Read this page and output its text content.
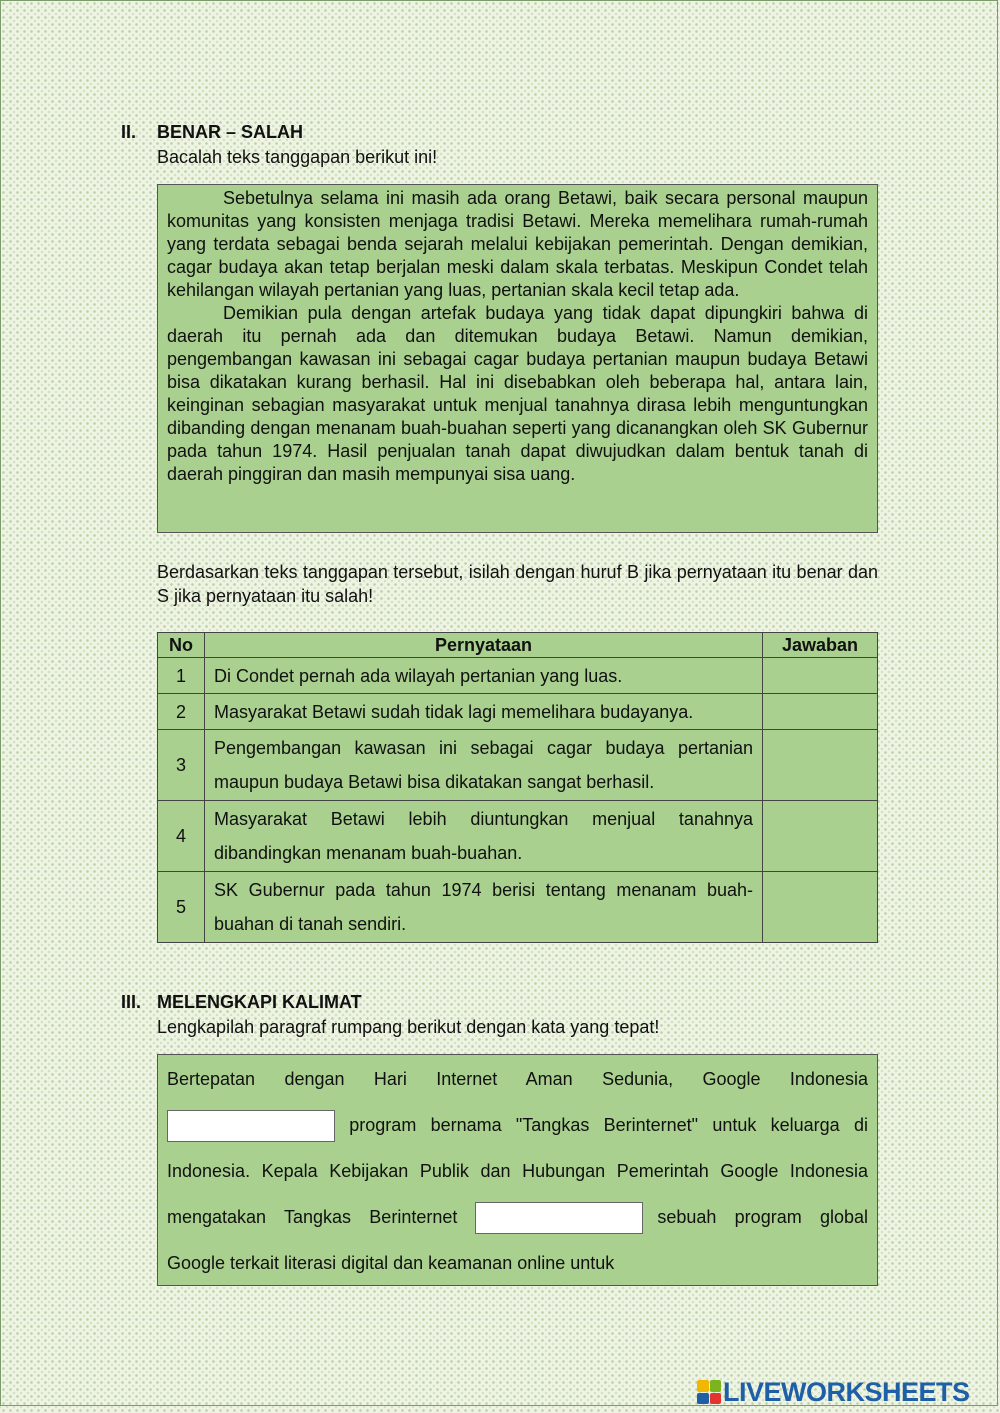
II. BENAR – SALAH
Bacalah teks tanggapan berikut ini!

Sebetulnya selama ini masih ada orang Betawi, baik secara personal maupun komunitas yang konsisten menjaga tradisi Betawi. Mereka memelihara rumah-rumah yang terdata sebagai benda sejarah melalui kebijakan pemerintah. Dengan demikian, cagar budaya akan tetap berjalan meski dalam skala terbatas. Meskipun Condet telah kehilangan wilayah pertanian yang luas, pertanian skala kecil tetap ada.

Demikian pula dengan artefak budaya yang tidak dapat dipungkiri bahwa di daerah itu pernah ada dan ditemukan budaya Betawi. Namun demikian, pengembangan kawasan ini sebagai cagar budaya pertanian maupun budaya Betawi bisa dikatakan kurang berhasil. Hal ini disebabkan oleh beberapa hal, antara lain, keinginan sebagian masyarakat untuk menjual tanahnya dirasa lebih menguntungkan dibanding dengan menanam buah-buahan seperti yang dicanangkan oleh SK Gubernur pada tahun 1974. Hasil penjualan tanah dapat diwujudkan dalam bentuk tanah di daerah pinggiran dan masih mempunyai sisa uang.

Berdasarkan teks tanggapan tersebut, isilah dengan huruf B jika pernyataan itu benar dan S jika pernyataan itu salah!
No	Pernyataan	Jawaban
1	Di Condet pernah ada wilayah pertanian yang luas.	
2	Masyarakat Betawi sudah tidak lagi memelihara budayanya.	
3	Pengembangan kawasan ini sebagai cagar budaya pertanian maupun budaya Betawi bisa dikatakan sangat berhasil.	
4	Masyarakat Betawi lebih diuntungkan menjual tanahnya dibandingkan menanam buah-buahan.	
5	SK Gubernur pada tahun 1974 berisi tentang menanam buah-buahan di tanah sendiri.	
III. MELENGKAPI KALIMAT
Lengkapilah paragraf rumpang berikut dengan kata yang tepat!
Bertepatan dengan Hari Internet Aman Sedunia, Google Indonesia  program bernama "Tangkas Berinternet" untuk keluarga di Indonesia. Kepala Kebijakan Publik dan Hubungan Pemerintah Google Indonesia mengatakan Tangkas Berinternet	sebuah program global Google terkait literasi digital dan keamanan online untuk
LIVEWORKSHEETS
